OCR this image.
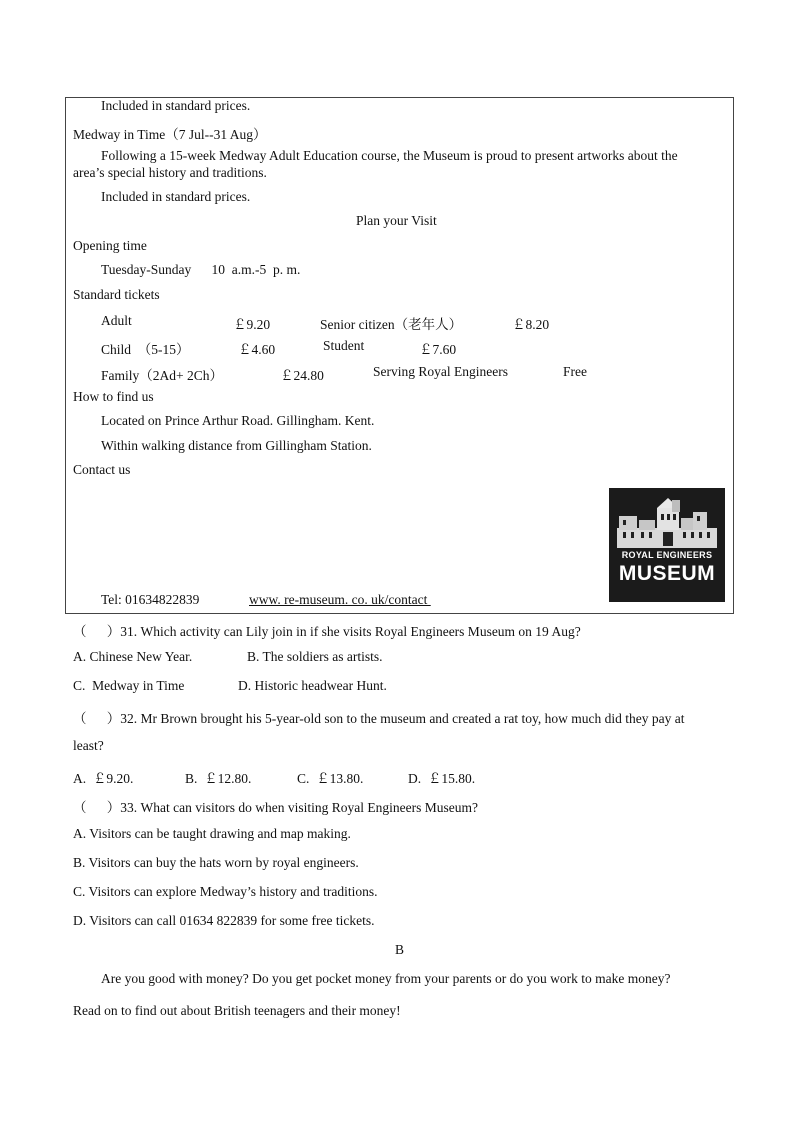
Included in standard prices.
Medway in Time（7 Jul--31 Aug）
Following a 15-week Medway Adult Education course, the Museum is proud to present artworks about the
area’s special history and traditions.
Included in standard prices.
Plan your Visit
Opening time
Tuesday-Sunday      10  a.m.-5  p. m.
Standard tickets
Adult	￡9.20	Senior citizen（老年人）	￡8.20
Child  （5-15）	￡4.60	Student	￡7.60
Family（2Ad+ 2Ch）	￡24.80	Serving Royal Engineers	Free
How to find us
Located on Prince Arthur Road. Gillingham. Kent.
Within walking distance from Gillingham Station.
Contact us
Tel: 01634822839	www. re-museum. co. uk/contact
ROYAL ENGINEERS
MUSEUM
（      ）31. Which activity can Lily join in if she visits Royal Engineers Museum on 19 Aug?
A. Chinese New Year.	B. The soldiers as artists.
C.  Medway in Time	D. Historic headwear Hunt.
（      ）32. Mr Brown brought his 5-year-old son to the museum and created a rat toy, how much did they pay at
least?
A.  ￡9.20.	B.  ￡12.80.	C.  ￡13.80.	D.  ￡15.80.
（      ）33. What can visitors do when visiting Royal Engineers Museum?
A. Visitors can be taught drawing and map making.
B. Visitors can buy the hats worn by royal engineers.
C. Visitors can explore Medway’s history and traditions.
D. Visitors can call 01634 822839 for some free tickets.
B
Are you good with money? Do you get pocket money from your parents or do you work to make money?
Read on to find out about British teenagers and their money!
